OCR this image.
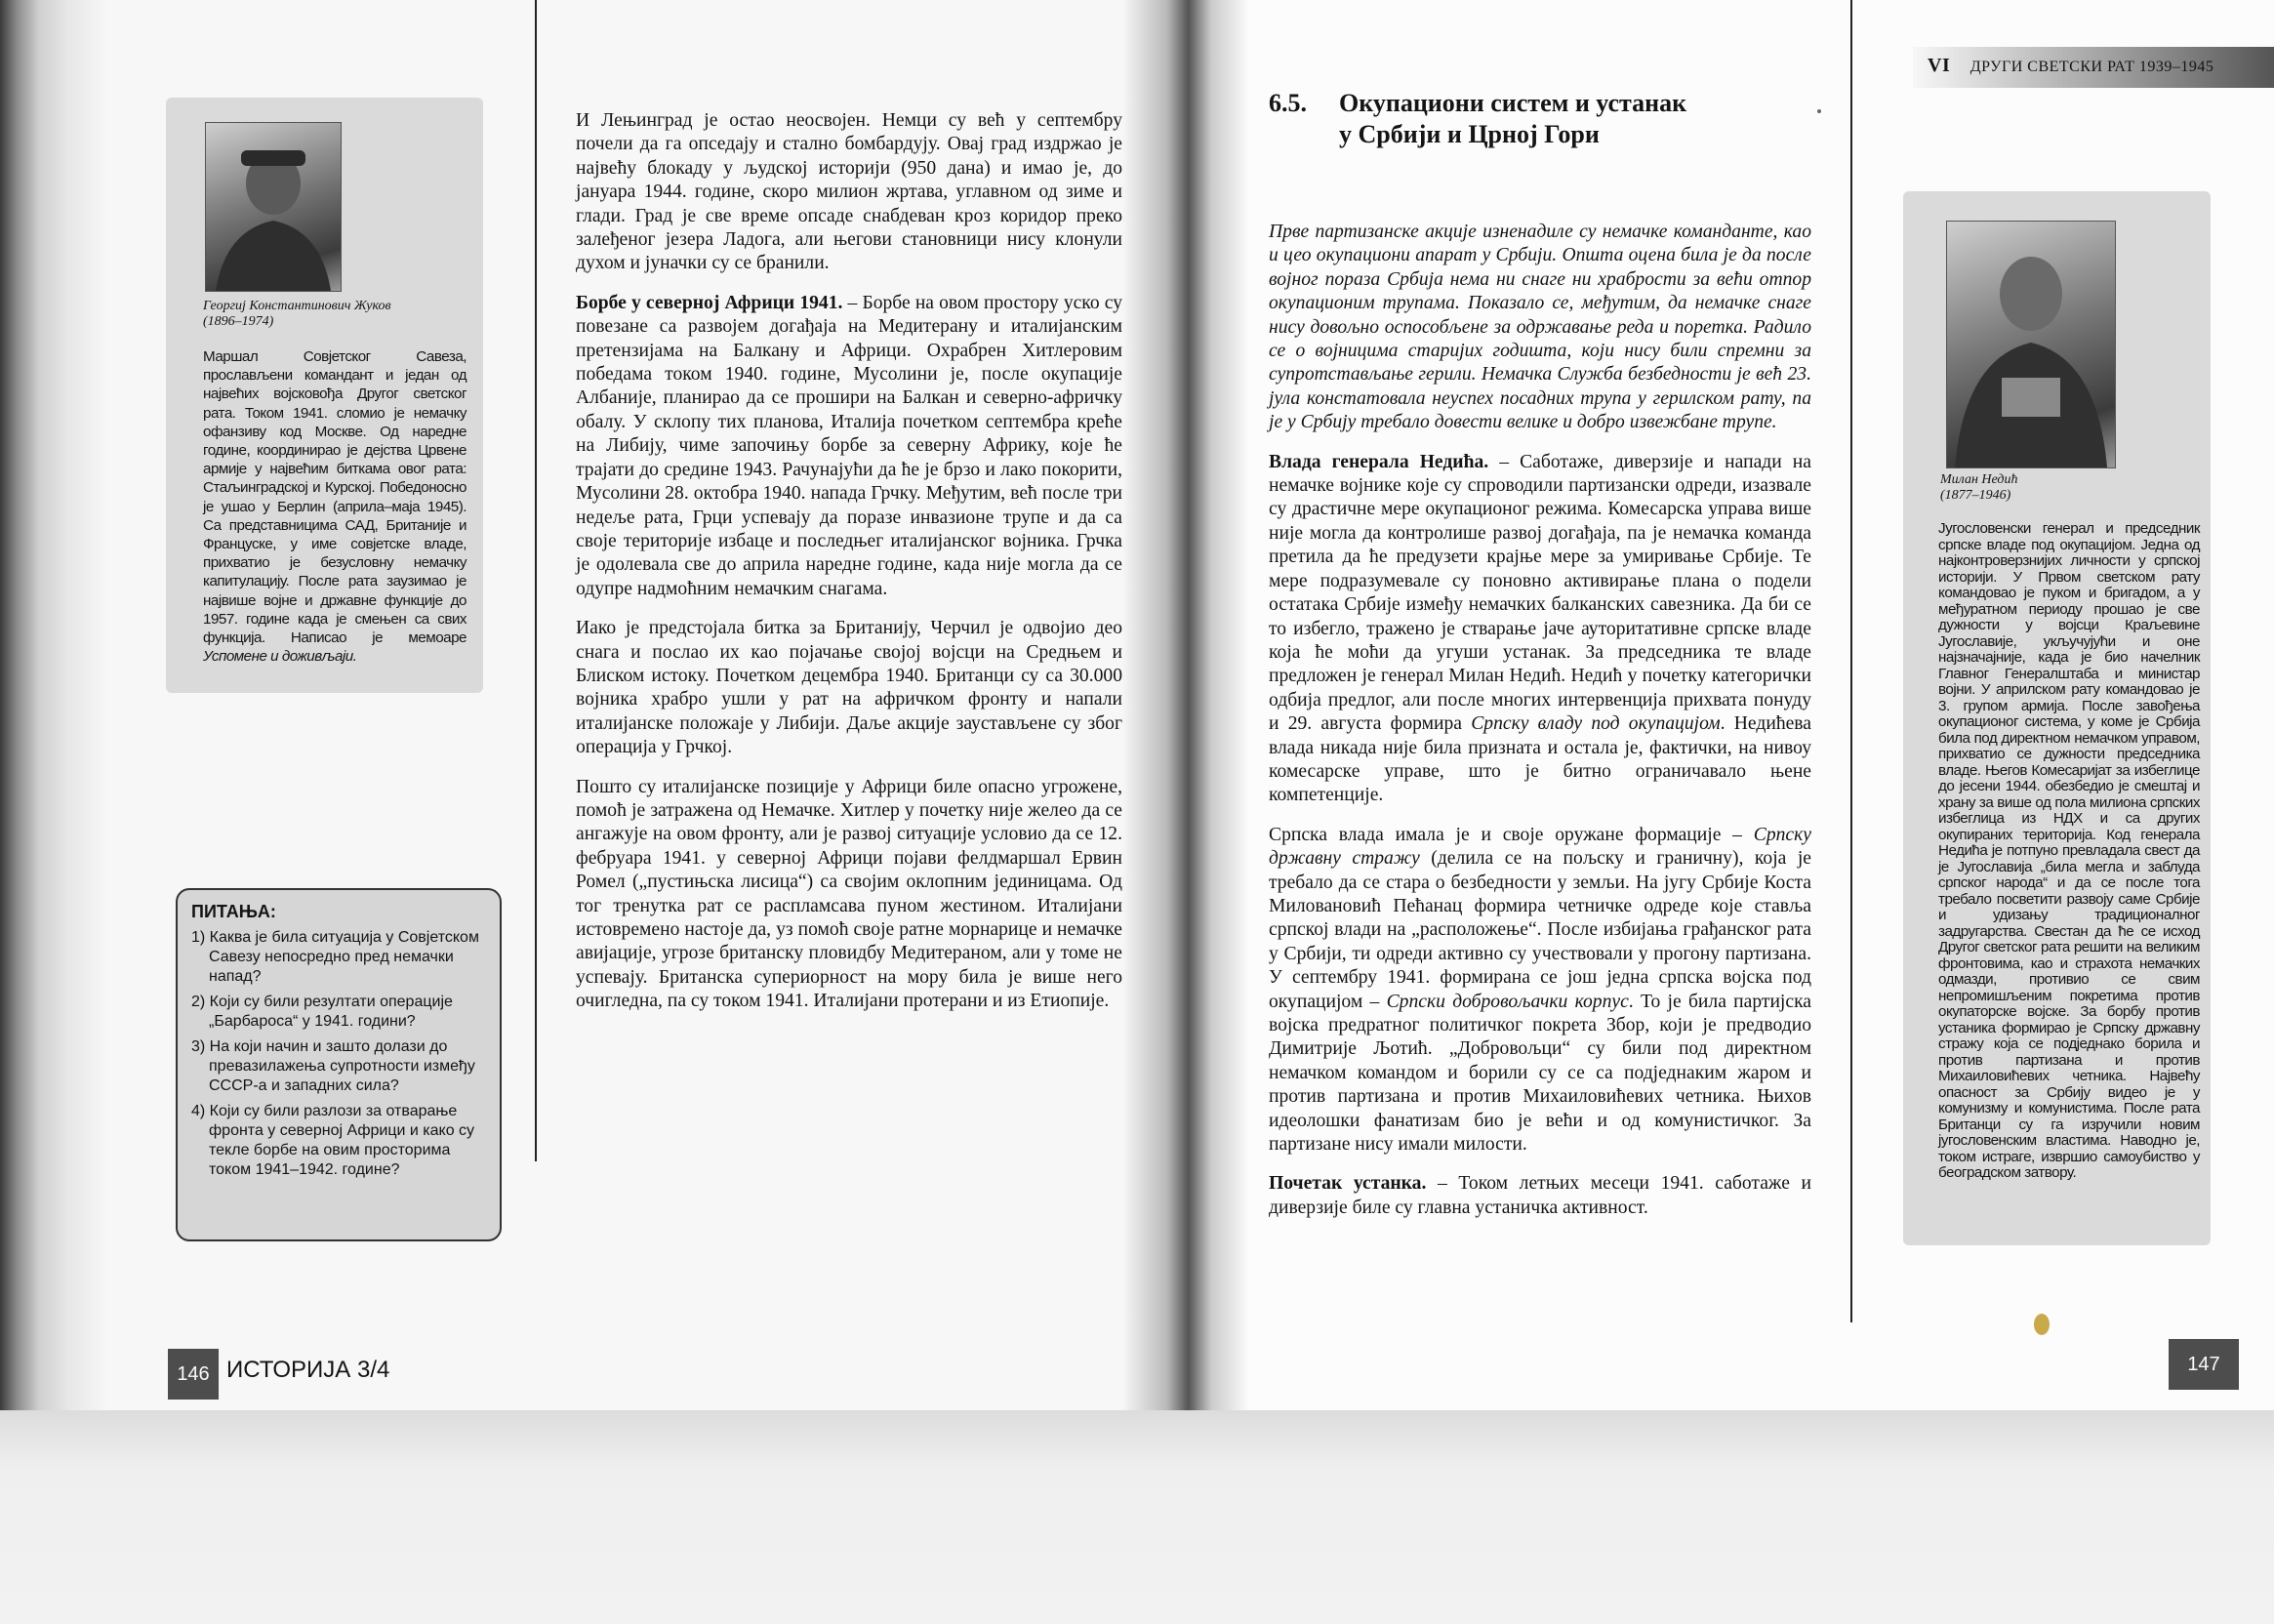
Георгиј Константинович Жуков
(1896–1974)
Маршал Совјетског Савеза, прослављени командант и један од највећих војсковођа Другог светског рата. Током 1941. сломио је немачку офанзиву код Москве. Од наредне године, координирао је дејства Црвене армије у највећим биткама овог рата: Стаљинградској и Курској. Победоносно је ушао у Берлин (априла–маја 1945). Са представницима САД, Британије и Француске, у име совјетске владе, прихватио је безусловну немачку капитулацију. После рата заузимао је највише војне и државне функције до 1957. године када је смењен са свих функција. Написао је мемоаре Успомене и доживљаји.
ПИТАЊА:
1) Каква је била ситуација у Совјетском Савезу непосредно пред немачки напад?
2) Који су били резултати операције „Барбароса“ у 1941. години?
3) На који начин и зашто долази до превазилажења супротности између СССР-а и западних сила?
4) Који су били разлози за отварање фронта у северној Африци и како су текле борбе на овим просторима током 1941–1942. године?

И Лењинград је остао неосвојен. Немци су већ у септембру почели да га опседају и стално бомбардују. Овај град издржао је највећу блокаду у људској историји (950 дана) и имао је, до јануара 1944. године, скоро милион жртава, углавном од зиме и глади. Град је све време опсаде снабдеван кроз коридор преко залеђеног језера Ладога, али његови становници нису клонули духом и јуначки су се бранили.

Борбе у северној Африци 1941. – Борбе на овом простору уско су повезане са развојем догађаја на Медитерану и италијанским претензијама на Балкану и Африци. Охрабрен Хитлеровим победама током 1940. године, Мусолини је, после окупације Албаније, планирао да се прошири на Балкан и северно-афричку обалу. У склопу тих планова, Италија почетком септембра креће на Либију, чиме започињу борбе за северну Африку, које ће трајати до средине 1943. Рачунајући да ће је брзо и лако покорити, Мусолини 28. октобра 1940. напада Грчку. Међутим, већ после три недеље рата, Грци успевају да поразе инвазионе трупе и да са своје територије избаце и последњег италијанског војника. Грчка је одолевала све до априла наредне године, када није могла да се одупре надмоћним немачким снагама.

Иако је предстојала битка за Британију, Черчил је одвојио део снага и послао их као појачање својој војсци на Средњем и Блиском истоку. Почетком децембра 1940. Британци су са 30.000 војника храбро ушли у рат на афричком фронту и напали италијанске положаје у Либији. Даље акције заустављене су због операција у Грчкој.

Пошто су италијанске позиције у Африци биле опасно угрожене, помоћ је затражена од Немачке. Хитлер у почетку није желео да се ангажује на овом фронту, али је развој ситуације условио да се 12. фебруара 1941. у северној Африци појави фелдмаршал Ервин Ромел („пустињска лисица“) са својим оклопним јединицама. Од тог тренутка рат се распламсава пуном жестином. Италијани истовремено настоје да, уз помоћ своје ратне морнарице и немачке авијације, угрозе британску пловидбу Медитераном, али у томе не успевају. Британска супериорност на мору била је више него очигледна, па су током 1941. Италијани протерани и из Етиопије.

146 ИСТОРИЈА 3/4
VI ДРУГИ СВЕТСКИ РАТ 1939–1945
6.5. Окупациони систем и устанак
у Србији и Црној Гори

Прве партизанске акције изненадиле су немачке команданте, као и цео окупациони апарат у Србији. Општа оцена била је да после војног пораза Србија нема ни снаге ни храбрости за већи отпор окупационим трупама. Показало се, међутим, да немачке снаге нису довољно оспособљене за одржавање реда и поретка. Радило се о војницима старијих годишта, који нису били спремни за супротстављање герили. Немачка Служба безбедности је већ 23. јула констатовала неуспех посадних трупа у герилском рату, па је у Србију требало довести велике и добро извежбане трупе.

Влада генерала Недића. – Саботаже, диверзије и напади на немачке војнике које су спроводили партизански одреди, изазвале су драстичне мере окупационог режима. Комесарска управа више није могла да контролише развој догађаја, па је немачка команда претила да ће предузети крајње мере за умиривање Србије. Те мере подразумевале су поновно активирање плана о подели остатака Србије између немачких балканских савезника. Да би се то избегло, тражено је стварање јаче ауторитативне српске владе која ће моћи да угуши устанак. За председника те владе предложен је генерал Милан Недић. Недић у почетку категорички одбија предлог, али после многих интервенција прихвата понуду и 29. августа формира Српску владу под окупацијом. Недићева влада никада није била призната и остала је, фактички, на нивоу комесарске управе, што је битно ограничавало њене компетенције.

Српска влада имала је и своје оружане формације – Српску државну стражу (делила се на пољску и граничну), која је требало да се стара о безбедности у земљи. На југу Србије Коста Миловановић Пећанац формира четничке одреде које ставља српској влади на „расположење“. После избијања грађанског рата у Србији, ти одреди активно су учествовали у прогону партизана. У септембру 1941. формирана се још једна српска војска под окупацијом – Српски добровољачки корпус. То је била партијска војска предратног политичког покрета Збор, који је предводио Димитрије Љотић. „Добровољци“ су били под директном немачком командом и борили су се са подједнаким жаром и против партизана и против Михаиловићевих четника. Њихов идеолошки фанатизам био је већи и од комунистичког. За партизане нису имали милости.

Почетак устанка. – Током летњих месеци 1941. саботаже и диверзије биле су главна устаничка активност.

Милан Недић
(1877–1946)
Југословенски генерал и председник српске владе под окупацијом. Једна од најконтроверзнијих личности у српској историји. У Првом светском рату командовао је пуком и бригадом, а у међуратном периоду прошао је све дужности у војсци Краљевине Југославије, укључујући и оне најзначајније, када је био начелник Главног Генералштаба и министар војни. У априлском рату командовао је 3. групом армија. После завођења окупационог система, у коме је Србија била под директном немачком управом, прихватио се дужности председника владе. Његов Комесаријат за избеглице до јесени 1944. обезбедио је смештај и храну за више од пола милиона српских избеглица из НДХ и са других окупираних територија. Код генерала Недића је потпуно превладала свест да је Југославија „била мегла и заблуда српског народа“ и да се после тога требало посветити развоју саме Србије и удизању традиционалног задругарства. Свестан да ће се исход Другог светског рата решити на великим фронтовима, као и страхота немачких одмазди, противио се свим непромишљеним покретима против окупаторске војске. За борбу против устаника формирао је Српску државну стражу која се подједнако борила и против партизана и против Михаиловићевих четника. Највећу опасност за Србију видео је у комунизму и комунистима. После рата Британци су га изручили новим југословенским властима. Наводно је, током истраге, извршио самоубиство у београдском затвору.
147
